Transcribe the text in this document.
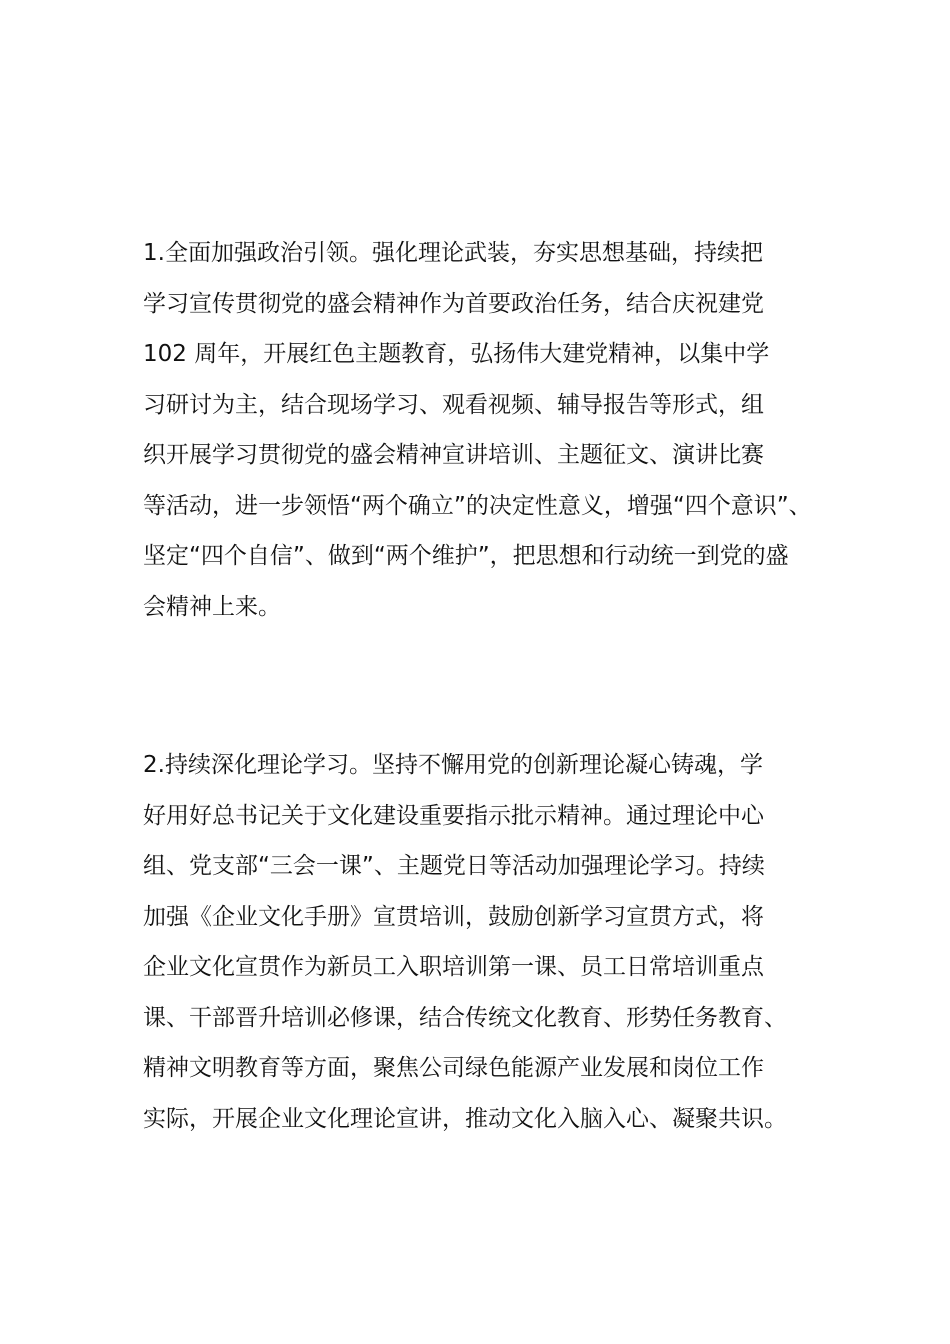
1.全面加强政治引领。强化理论武装，夯实思想基础，持续把
学习宣传贯彻党的盛会精神作为首要政治任务，结合庆祝建党
102 周年，开展红色主题教育，弘扬伟大建党精神，以集中学
习研讨为主，结合现场学习、观看视频、辅导报告等形式，组
织开展学习贯彻党的盛会精神宣讲培训、主题征文、演讲比赛
等活动，进一步领悟“两个确立”的决定性意义，增强“四个意识”、
坚定“四个自信”、做到“两个维护”，把思想和行动统一到党的盛
会精神上来。
2.持续深化理论学习。坚持不懈用党的创新理论凝心铸魂，学
好用好总书记关于文化建设重要指示批示精神。通过理论中心
组、党支部“三会一课”、主题党日等活动加强理论学习。持续
加强《企业文化手册》宣贯培训，鼓励创新学习宣贯方式，将
企业文化宣贯作为新员工入职培训第一课、员工日常培训重点
课、干部晋升培训必修课，结合传统文化教育、形势任务教育、
精神文明教育等方面，聚焦公司绿色能源产业发展和岗位工作
实际，开展企业文化理论宣讲，推动文化入脑入心、凝聚共识。
